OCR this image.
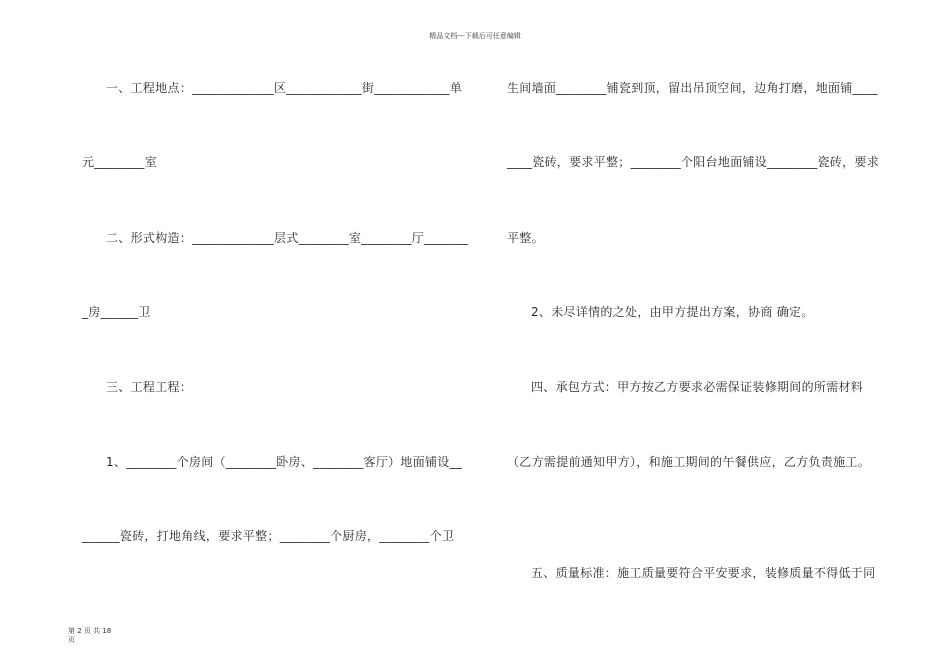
精品文档---下载后可任意编辑
一、工程地点：_____________区____________街____________单
元________室
二、形式构造：_____________层式________室________厅_______
_房______卫
三、工程工程：
1、________个房间（________卧房、________客厅）地面铺设__
______瓷砖，打地角线，要求平整；________个厨房，________个卫
生间墙面________铺瓷到顶，留出吊顶空间，边角打磨，地面铺____
____瓷砖，要求平整；________个阳台地面铺设________瓷砖，要求
平整。
2、未尽详情的之处，由甲方提出方案，协商 确定。
四、承包方式：甲方按乙方要求必需保证装修期间的所需材料
（乙方需提前通知甲方），和施工期间的午餐供应，乙方负责施工。
五、质量标准：施工质量要符合平安要求，装修质量不得低于同
第 2 页 共 18
页
